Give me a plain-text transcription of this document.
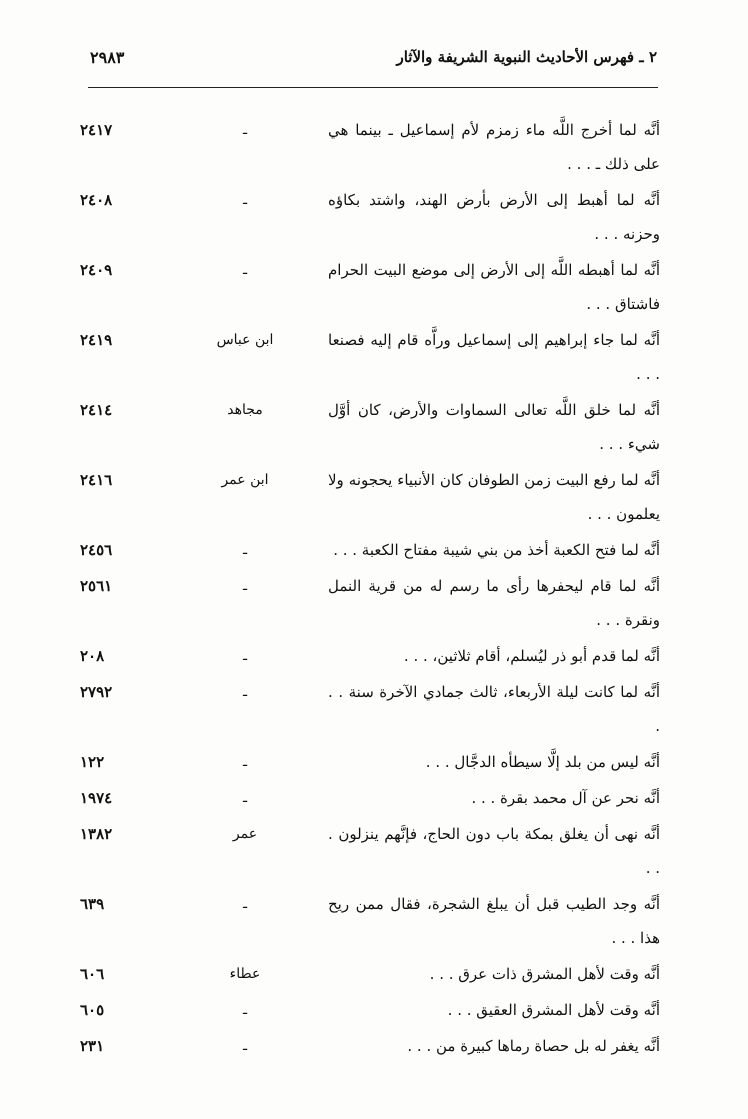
٢ ـ فهرس الأحاديث النبوية الشريفة والآثار
٢٩٨٣
أنَّه لما أخرج اللَّه ماء زمزم لأم إسماعيل ـ بينما هي على ذلك ـ . . .
ـ
٢٤١٧
أنَّه لما أهبط إلى الأرض بأرض الهند، واشتد بكاؤه وحزنه . . .
ـ
٢٤٠٨
أنَّه لما أهبطه اللَّه إلى الأرض إلى موضع البيت الحرام فاشتاق . . .
ـ
٢٤٠٩
أنَّه لما جاء إبراهيم إلى إسماعيل وراَّه قام إليه فصنعا . . .
ابن عباس
٢٤١٩
أنَّه لما خلق اللَّه تعالى السماوات والأرض، كان أوَّل شيء . . .
مجاهد
٢٤١٤
أنَّه لما رفع البيت زمن الطوفان كان الأنبياء يحجونه ولا يعلمون . . .
ابن عمر
٢٤١٦
أنَّه لما فتح الكعبة أخذ من بني شيبة مفتاح الكعبة . . .
ـ
٢٤٥٦
أنَّه لما قام ليحفرها رأى ما رسم له من قرية النمل ونقرة . . .
ـ
٢٥٦١
أنَّه لما قدم أبو ذر ليُسلم، أقام ثلاثين، . . .
ـ
٢٠٨
أنَّه لما كانت ليلة الأربعاء، ثالث جمادي الآخرة سنة . . .
ـ
٢٧٩٢
أنَّه ليس من بلد إلَّا سيطأه الدجَّال . . .
ـ
١٢٢
أنَّه نحر عن آل محمد بقرة . . .
ـ
١٩٧٤
أنَّه نهى أن يغلق بمكة باب دون الحاج، فإنَّهم ينزلون . . .
عمر
١٣٨٢
أنَّه وجد الطيب قبل أن يبلغ الشجرة، فقال ممن ريح هذا . . .
ـ
٦٣٩
أنَّه وقت لأهل المشرق ذات عرق . . .
عطاء
٦٠٦
أنَّه وقت لأهل المشرق العقيق . . .
ـ
٦٠٥
أنَّه يغفر له بل حصاة رماها كبيرة من . . .
ـ
٢٣١
